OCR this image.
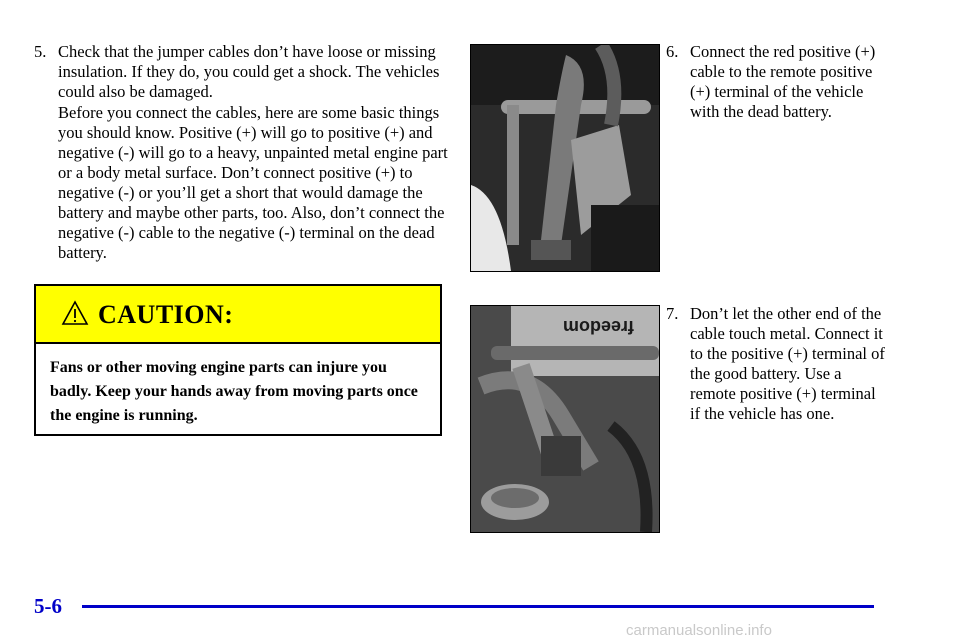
5. Check that the jumper cables don’t have loose or missing insulation. If they do, you could get a shock. The vehicles could also be damaged.
Before you connect the cables, here are some basic things you should know. Positive (+) will go to positive (+) and negative (-) will go to a heavy, unpainted metal engine part or a body metal surface. Don’t connect positive (+) to negative (-) or you’ll get a short that would damage the battery and maybe other parts, too. Also, don’t connect the negative (-) cable to the negative (-) terminal on the dead battery.
CAUTION:
Fans or other moving engine parts can injure you badly. Keep your hands away from moving parts once the engine is running.
freedom
6. Connect the red positive (+) cable to the remote positive (+) terminal of the vehicle with the dead battery.
7. Don’t let the other end of the cable touch metal. Connect it to the positive (+) terminal of the good battery. Use a remote positive (+) terminal if the vehicle has one.
5-6
carmanualsonline.info
